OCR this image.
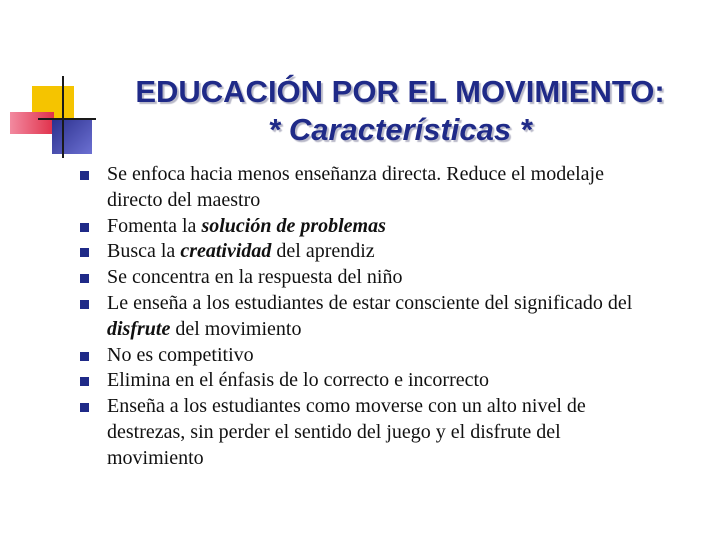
EDUCACIÓN POR EL MOVIMIENTO:
* Características *
Se enfoca hacia menos enseñanza directa. Reduce el modelaje directo del maestro
Fomenta la solución de problemas
Busca la creatividad del aprendiz
Se concentra en la respuesta del niño
Le enseña a los estudiantes de estar consciente del significado del disfrute del movimiento
No es competitivo
Elimina en el énfasis de lo correcto e incorrecto
Enseña a los estudiantes como moverse con un alto nivel de destrezas, sin perder el sentido del juego y el disfrute del movimiento
